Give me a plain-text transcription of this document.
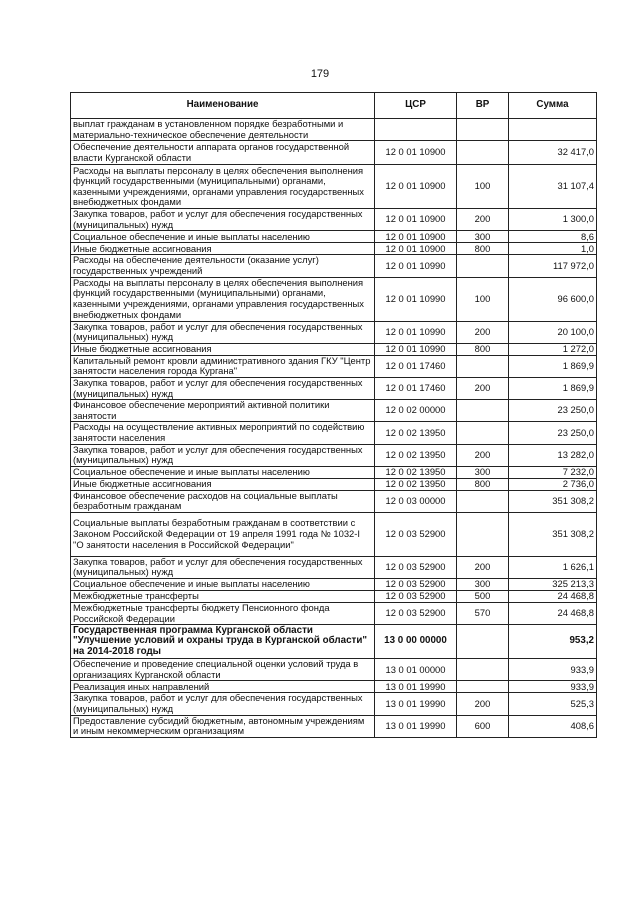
179
Наименование	ЦСР	ВР	Сумма
выплат гражданам в установленном порядке безработными и материально-техническое обеспечение деятельности			
Обеспечение деятельности аппарата органов государственной власти Курганской области	12 0 01 10900		32 417,0
Расходы на выплаты персоналу в целях обеспечения выполнения функций государственными (муниципальными) органами, казенными учреждениями, органами управления государственных внебюджетных фондами	12 0 01 10900	100	31 107,4
Закупка товаров, работ и услуг для обеспечения государственных (муниципальных) нужд	12 0 01 10900	200	1 300,0
Социальное обеспечение и иные выплаты населению	12 0 01 10900	300	8,6
Иные бюджетные ассигнования	12 0 01 10900	800	1,0
Расходы на обеспечение деятельности (оказание услуг) государственных учреждений	12 0 01 10990		117 972,0
Расходы на выплаты персоналу в целях обеспечения выполнения функций государственными (муниципальными) органами, казенными учреждениями, органами управления государственных внебюджетных фондами	12 0 01 10990	100	96 600,0
Закупка товаров, работ и услуг для обеспечения государственных (муниципальных) нужд	12 0 01 10990	200	20 100,0
Иные бюджетные ассигнования	12 0 01 10990	800	1 272,0
Капитальный ремонт кровли административного здания ГКУ "Центр занятости населения города Кургана"	12 0 01 17460		1 869,9
Закупка товаров, работ и услуг для обеспечения государственных (муниципальных) нужд	12 0 01 17460	200	1 869,9
Финансовое обеспечение мероприятий активной политики занятости	12 0 02 00000		23 250,0
Расходы на осуществление активных мероприятий по содействию занятости населения	12 0 02 13950		23 250,0
Закупка товаров, работ и услуг для обеспечения государственных (муниципальных) нужд	12 0 02 13950	200	13 282,0
Социальное обеспечение и иные выплаты населению	12 0 02 13950	300	7 232,0
Иные бюджетные ассигнования	12 0 02 13950	800	2 736,0
Финансовое обеспечение расходов на социальные выплаты безработным гражданам	12 0 03 00000		351 308,2
Социальные выплаты безработным гражданам в соответствии с Законом Российской Федерации от 19 апреля 1991 года № 1032-I "О занятости населения в Российской Федерации"	12 0 03 52900		351 308,2
Закупка товаров, работ и услуг для обеспечения государственных (муниципальных) нужд	12 0 03 52900	200	1 626,1
Социальное обеспечение и иные выплаты населению	12 0 03 52900	300	325 213,3
Межбюджетные трансферты	12 0 03 52900	500	24 468,8
Межбюджетные трансферты бюджету Пенсионного фонда Российской Федерации	12 0 03 52900	570	24 468,8
Государственная программа Курганской области "Улучшение условий и охраны труда в Курганской области" на 2014-2018 годы	13 0 00 00000		953,2
Обеспечение и проведение специальной оценки условий труда в организациях Курганской области	13 0 01 00000		933,9
Реализация иных направлений	13 0 01 19990		933,9
Закупка товаров, работ и услуг для обеспечения государственных (муниципальных) нужд	13 0 01 19990	200	525,3
Предоставление субсидий бюджетным, автономным учреждениям и иным некоммерческим организациям	13 0 01 19990	600	408,6
